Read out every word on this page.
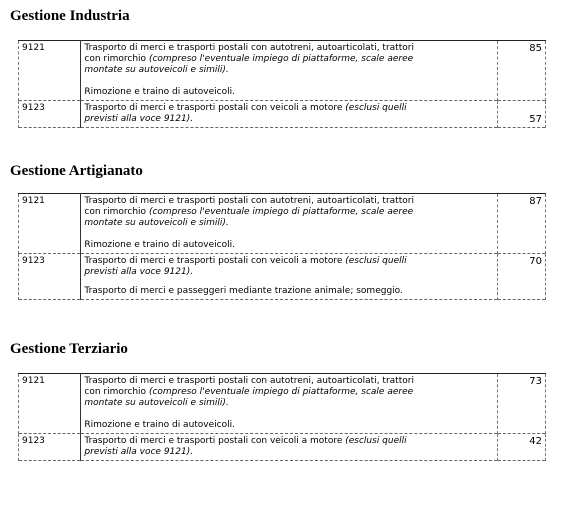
Gestione Industria
9121	Trasporto di merci e trasporti postali con autotreni, autoarticolati, trattori
con rimorchio (compreso l'eventuale impiego di piattaforme, scale aeree
montate su autoveicoli e simili).
Rimozione e traino di autoveicoli.	85
9123	Trasporto di merci e trasporti postali con veicoli a motore (esclusi quelli
previsti alla voce 9121).	57
Gestione Artigianato
9121	Trasporto di merci e trasporti postali con autotreni, autoarticolati, trattori
con rimorchio (compreso l'eventuale impiego di piattaforme, scale aeree
montate su autoveicoli e simili).
Rimozione e traino di autoveicoli.	87
9123	Trasporto di merci e trasporti postali con veicoli a motore (esclusi quelli
previsti alla voce 9121).
Trasporto di merci e passeggeri mediante trazione animale; someggio.	70
Gestione Terziario
9121	Trasporto di merci e trasporti postali con autotreni, autoarticolati, trattori
con rimorchio (compreso l'eventuale impiego di piattaforme, scale aeree
montate su autoveicoli e simili).
Rimozione e traino di autoveicoli.	73
9123	Trasporto di merci e trasporti postali con veicoli a motore (esclusi quelli
previsti alla voce 9121).	42
